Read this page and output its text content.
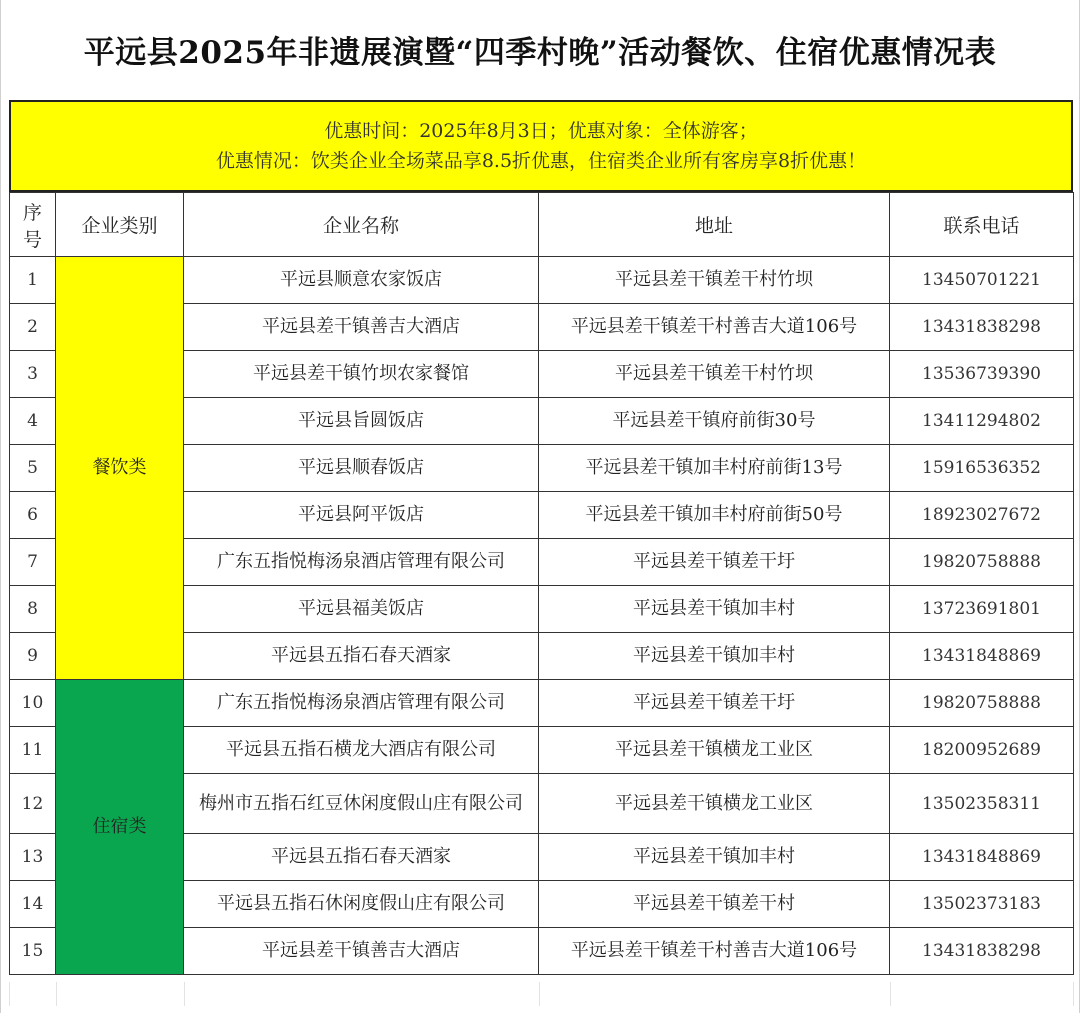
平远县2025年非遗展演暨“四季村晚”活动餐饮、住宿优惠情况表
优惠时间：2025年8月3日；优惠对象：全体游客；
优惠情况：饮类企业全场菜品享8.5折优惠，住宿类企业所有客房享8折优惠！
序号	企业类别	企业名称	地址	联系电话
1	餐饮类	平远县顺意农家饭店	平远县差干镇差干村竹坝	13450701221
2		平远县差干镇善吉大酒店	平远县差干镇差干村善吉大道106号	13431838298
3		平远县差干镇竹坝农家餐馆	平远县差干镇差干村竹坝	13536739390
4		平远县旨圆饭店	平远县差干镇府前街30号	13411294802
5		平远县顺春饭店	平远县差干镇加丰村府前街13号	15916536352
6		平远县阿平饭店	平远县差干镇加丰村府前街50号	18923027672
7		广东五指悦梅汤泉酒店管理有限公司	平远县差干镇差干圩	19820758888
8		平远县福美饭店	平远县差干镇加丰村	13723691801
9		平远县五指石春天酒家	平远县差干镇加丰村	13431848869
10	住宿类	广东五指悦梅汤泉酒店管理有限公司	平远县差干镇差干圩	19820758888
11		平远县五指石横龙大酒店有限公司	平远县差干镇横龙工业区	18200952689
12		梅州市五指石红豆休闲度假山庄有限公司	平远县差干镇横龙工业区	13502358311
13		平远县五指石春天酒家	平远县差干镇加丰村	13431848869
14		平远县五指石休闲度假山庄有限公司	平远县差干镇差干村	13502373183
15		平远县差干镇善吉大酒店	平远县差干镇差干村善吉大道106号	13431838298
